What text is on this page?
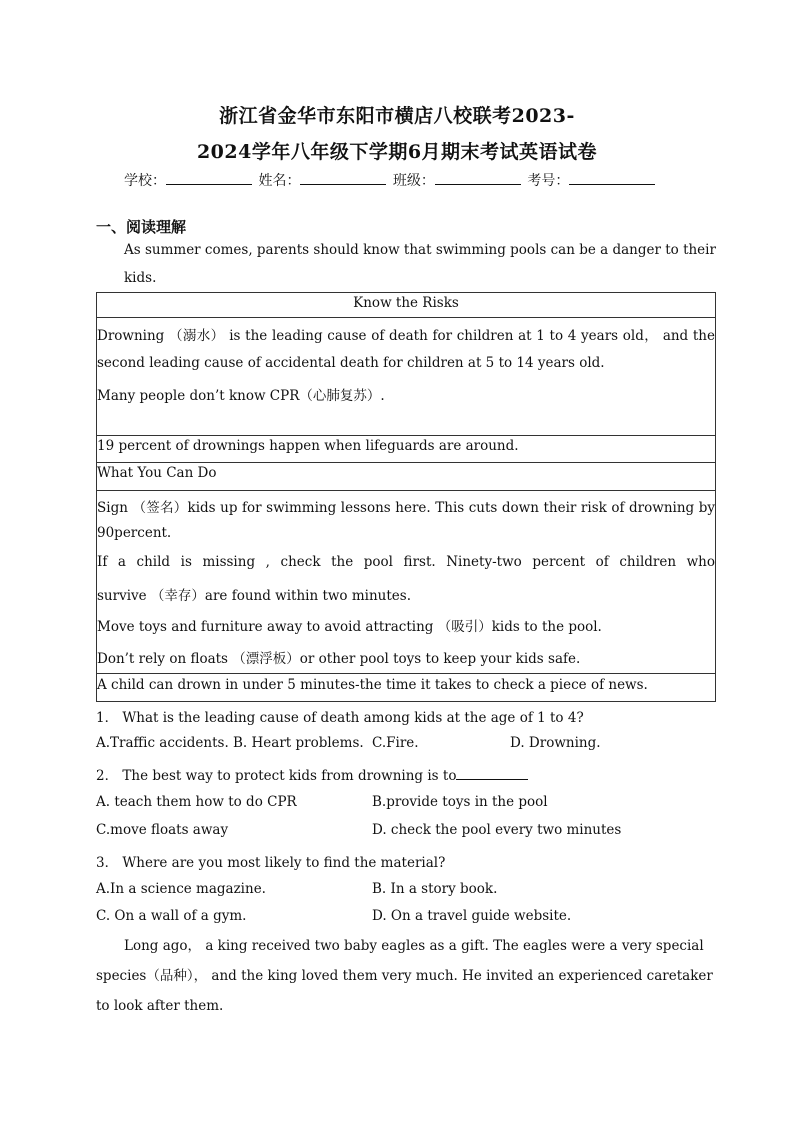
浙江省金华市东阳市横店八校联考2023-
2024学年八年级下学期6月期末考试英语试卷
学校：	姓名：	班级：	考号：
一、阅读理解
As summer comes, parents should know that swimming pools can be a danger to their
kids.
Know the Risks
Drowning （溺水） is the leading cause of death for children at 1 to 4 years old， and the
second leading cause of accidental death for children at 5 to 14 years old.
Many people don’t know CPR（心肺复苏）.
19 percent of drownings happen when lifeguards are around.
What You Can Do
Sign （签名）kids up for swimming lessons here. This cuts down their risk of drowning by
90percent.
If a child is missing , check the pool first. Ninety-two percent of children who
survive （幸存）are found within two minutes.
Move toys and furniture away to avoid attracting （吸引）kids to the pool.
Don’t rely on floats （漂浮板）or other pool toys to keep your kids safe.
A child can drown in under 5 minutes-the time it takes to check a piece of news.
1． What is the leading cause of death among kids at the age of 1 to 4?
A.Traffic accidents. B. Heart problems. C.Fire.	D. Drowning.
2． The best way to protect kids from drowning is to
A. teach them how to do CPR	B.provide toys in the pool
C.move floats away	D. check the pool every two minutes
3． Where are you most likely to find the material?
A.In a science magazine.	B. In a story book.
C. On a wall of a gym.	D. On a travel guide website.
Long ago， a king received two baby eagles as a gift. The eagles were a very special
species（品种）， and the king loved them very much. He invited an experienced caretaker
to look after them.
